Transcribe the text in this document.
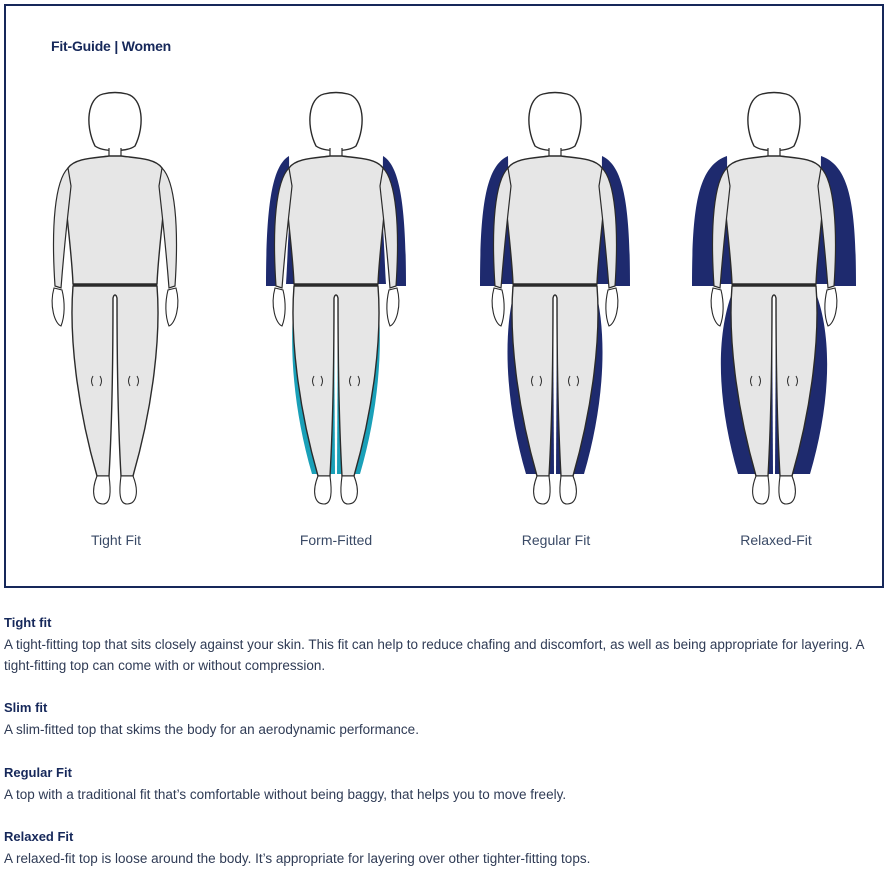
Fit-Guide | Women
Tight Fit	Form-Fitted	Regular Fit	Relaxed-Fit

Tight fit

A tight-fitting top that sits closely against your skin. This fit can help to reduce chafing and discomfort, as well as being appropriate for layering. A tight-fitting top can come with or without compression.

Slim fit

A slim-fitted top that skims the body for an aerodynamic performance.

Regular Fit

A top with a traditional fit that’s comfortable without being baggy, that helps you to move freely.

Relaxed Fit

A relaxed-fit top is loose around the body. It’s appropriate for layering over other tighter-fitting tops.
